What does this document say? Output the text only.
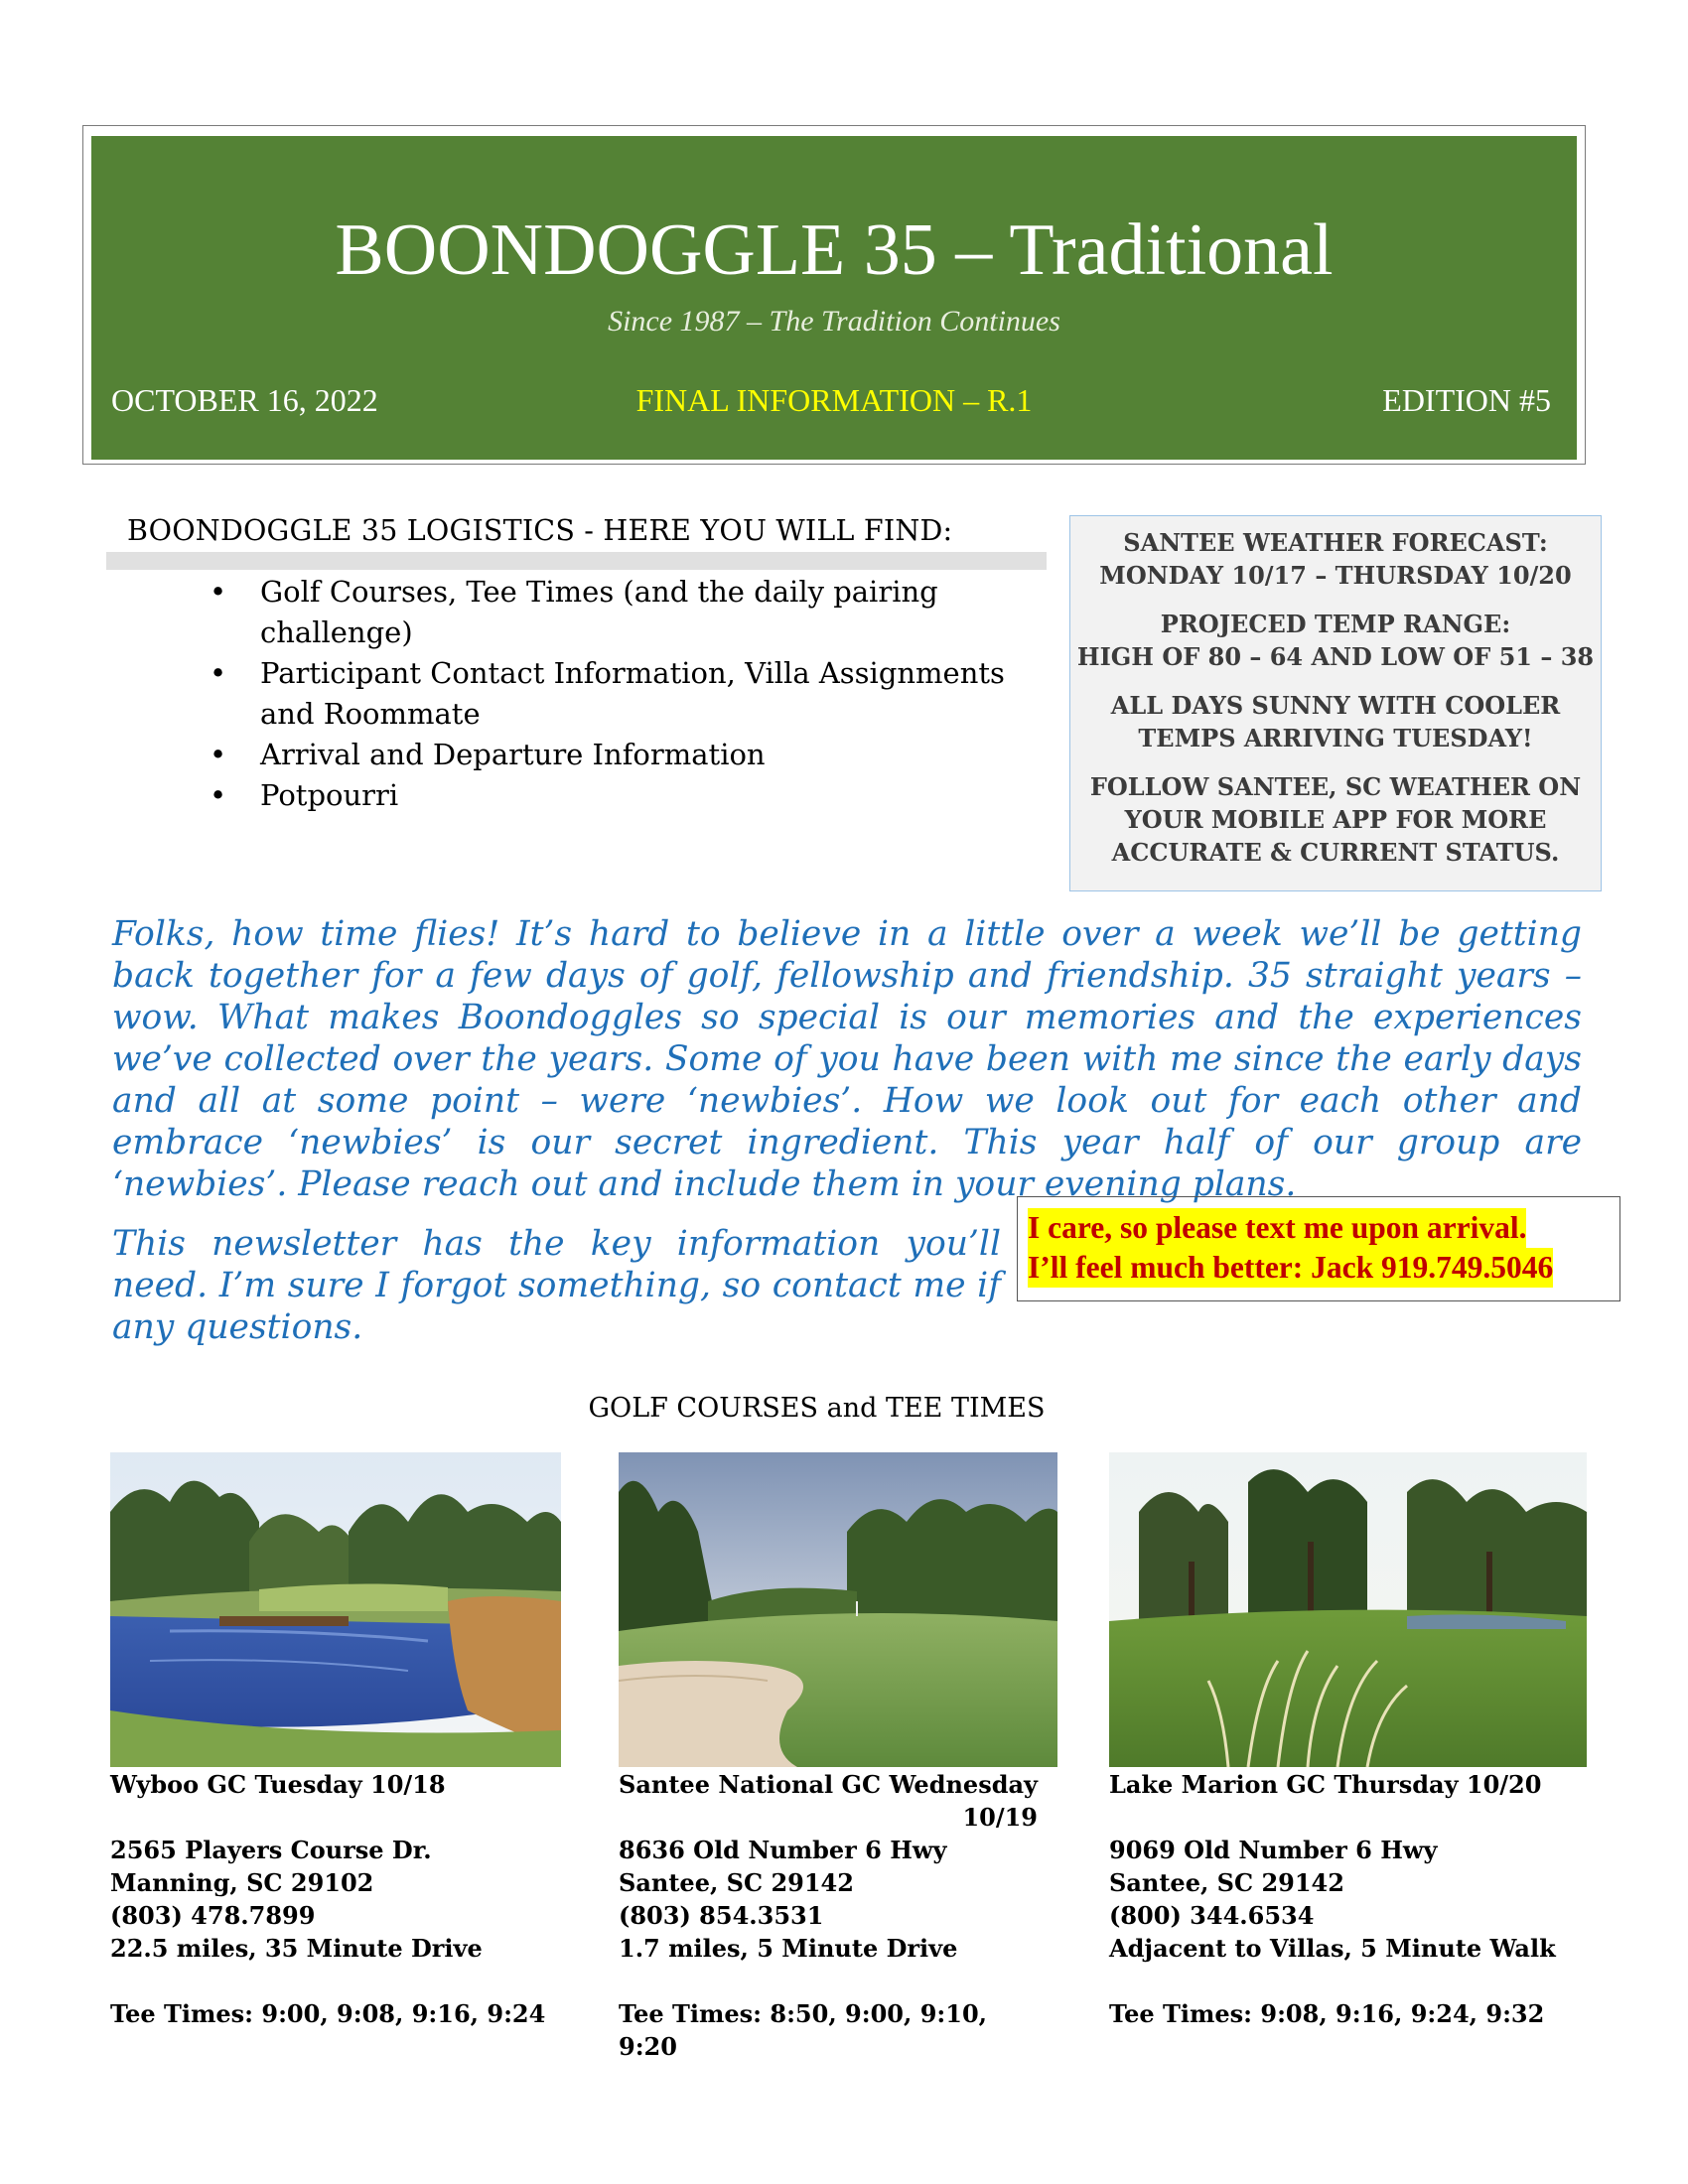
BOONDOGGLE 35 – Traditional
Since 1987 – The Tradition Continues
OCTOBER 16, 2022	FINAL INFORMATION – R.1	EDITION #5
BOONDOGGLE 35 LOGISTICS - HERE YOU WILL FIND:
• Golf Courses, Tee Times (and the daily pairing challenge)
• Participant Contact Information, Villa Assignments and Roommate
• Arrival and Departure Information
• Potpourri

SANTEE WEATHER FORECAST:

MONDAY 10/17 – THURSDAY 10/20

PROJECED TEMP RANGE:

HIGH OF 80 – 64 AND LOW OF 51 – 38

ALL DAYS SUNNY WITH COOLER

TEMPS ARRIVING TUESDAY!

FOLLOW SANTEE, SC WEATHER ON

YOUR MOBILE APP FOR MORE

ACCURATE & CURRENT STATUS.

Folks, how time flies! It’s hard to believe in a little over a week we’ll be getting back together for a few days of golf, fellowship and friendship. 35 straight years – wow. What makes Boondoggles so special is our memories and the experiences we’ve collected over the years. Some of you have been with me since the early days and all at some point – were ‘newbies’. How we look out for each other and embrace ‘newbies’ is our secret ingredient. This year half of our group are ‘newbies’. Please reach out and include them in your evening plans.
This newsletter has the key information you’ll need. I’m sure I forgot something, so contact me if any questions.
I care, so please text me upon arrival.
I’ll feel much better: Jack 919.749.5046
GOLF COURSES and TEE TIMES

Wyboo GC Tuesday 10/18

2565 Players Course Dr.

Manning, SC 29102

(803) 478.7899

22.5 miles, 35 Minute Drive

Tee Times: 9:00, 9:08, 9:16, 9:24

Santee National GC Wednesday

10/19

8636 Old Number 6 Hwy

Santee, SC 29142

(803) 854.3531

1.7 miles, 5 Minute Drive

Tee Times: 8:50, 9:00, 9:10, 9:20

Lake Marion GC Thursday 10/20

9069 Old Number 6 Hwy

Santee, SC 29142

(800) 344.6534

Adjacent to Villas, 5 Minute Walk

Tee Times: 9:08, 9:16, 9:24, 9:32
